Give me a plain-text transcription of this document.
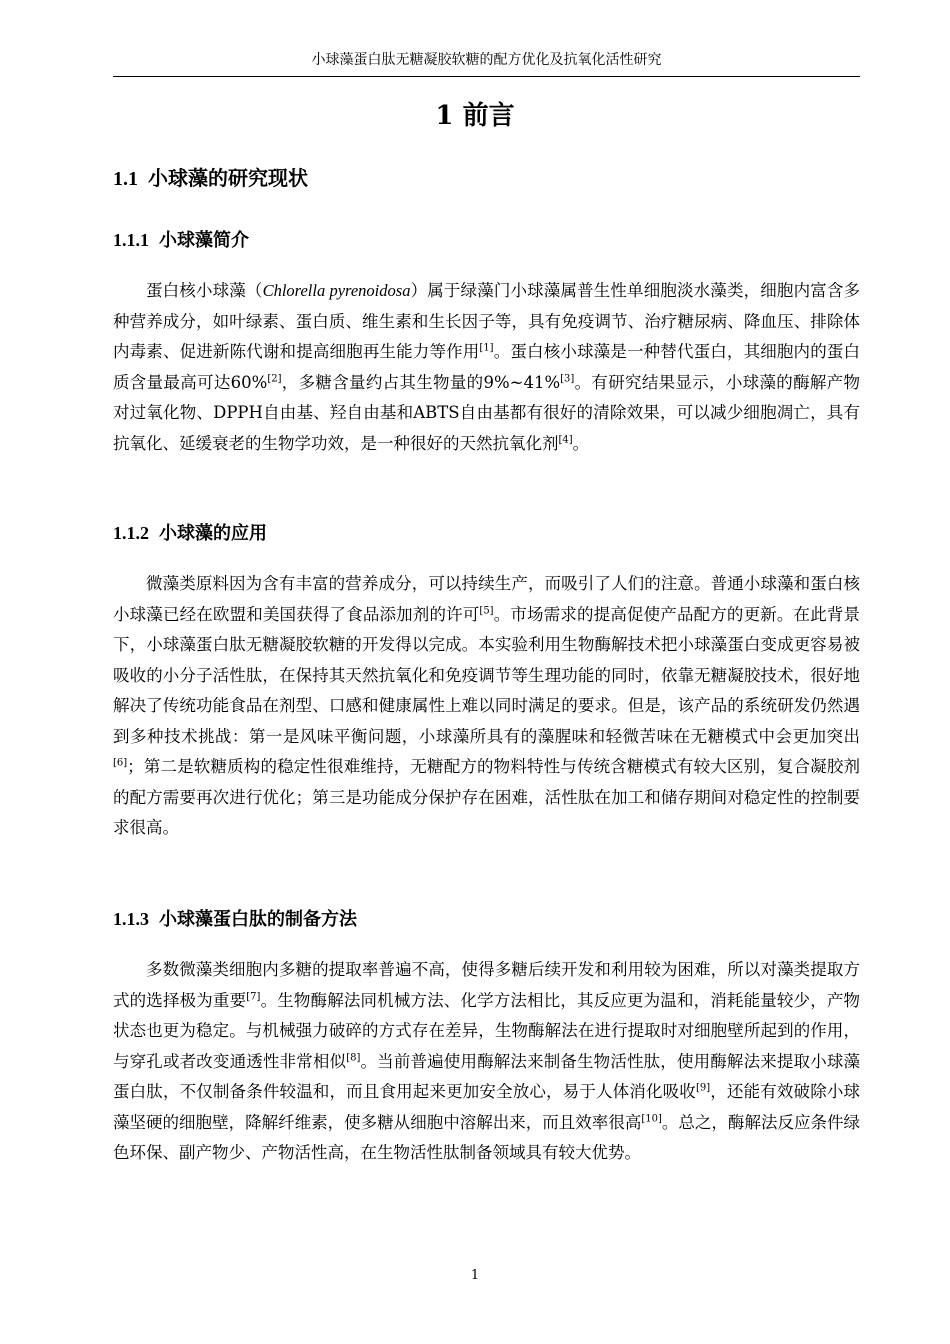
小球藻蛋白肽无糖凝胶软糖的配方优化及抗氧化活性研究
1 前言
1.1 小球藻的研究现状
1.1.1 小球藻简介

蛋白核小球藻（Chlorella pyrenoidosa）属于绿藻门小球藻属普生性单细胞淡水藻类，细胞内富含多种营养成分，如叶绿素、蛋白质、维生素和生长因子等，具有免疫调节、治疗糖尿病、降血压、排除体内毒素、促进新陈代谢和提高细胞再生能力等作用[1]。蛋白核小球藻是一种替代蛋白，其细胞内的蛋白质含量最高可达60%[2]，多糖含量约占其生物量的9%~41%[3]。有研究结果显示，小球藻的酶解产物对过氧化物、DPPH自由基、羟自由基和ABTS自由基都有很好的清除效果，可以减少细胞凋亡，具有抗氧化、延缓衰老的生物学功效，是一种很好的天然抗氧化剂[4]。

1.1.2 小球藻的应用

微藻类原料因为含有丰富的营养成分，可以持续生产，而吸引了人们的注意。普通小球藻和蛋白核小球藻已经在欧盟和美国获得了食品添加剂的许可[5]。市场需求的提高促使产品配方的更新。在此背景下，小球藻蛋白肽无糖凝胶软糖的开发得以完成。本实验利用生物酶解技术把小球藻蛋白变成更容易被吸收的小分子活性肽，在保持其天然抗氧化和免疫调节等生理功能的同时，依靠无糖凝胶技术，很好地解决了传统功能食品在剂型、口感和健康属性上难以同时满足的要求。但是，该产品的系统研发仍然遇到多种技术挑战：第一是风味平衡问题，小球藻所具有的藻腥味和轻微苦味在无糖模式中会更加突出[6]；第二是软糖质构的稳定性很难维持，无糖配方的物料特性与传统含糖模式有较大区别，复合凝胶剂的配方需要再次进行优化；第三是功能成分保护存在困难，活性肽在加工和储存期间对稳定性的控制要求很高。

1.1.3 小球藻蛋白肽的制备方法

多数微藻类细胞内多糖的提取率普遍不高，使得多糖后续开发和利用较为困难，所以对藻类提取方式的选择极为重要[7]。生物酶解法同机械方法、化学方法相比，其反应更为温和，消耗能量较少，产物状态也更为稳定。与机械强力破碎的方式存在差异，生物酶解法在进行提取时对细胞壁所起到的作用，与穿孔或者改变通透性非常相似[8]。当前普遍使用酶解法来制备生物活性肽，使用酶解法来提取小球藻蛋白肽，不仅制备条件较温和，而且食用起来更加安全放心，易于人体消化吸收[9]，还能有效破除小球藻坚硬的细胞壁，降解纤维素，使多糖从细胞中溶解出来，而且效率很高[10]。总之，酶解法反应条件绿色环保、副产物少、产物活性高，在生物活性肽制备领域具有较大优势。

1
